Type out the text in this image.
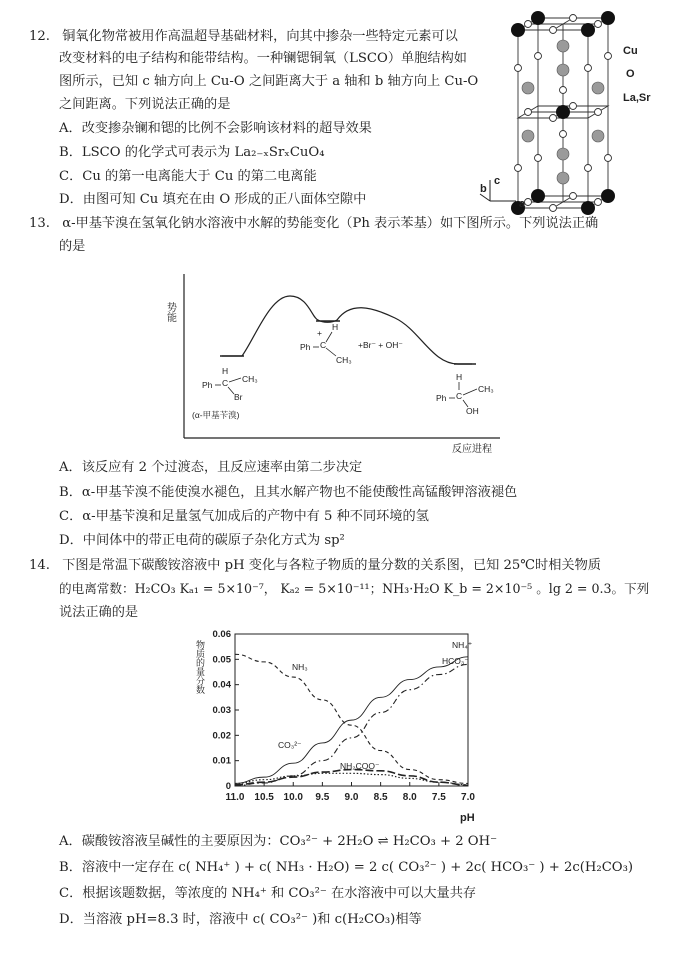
12. 铜氧化物常被用作高温超导基础材料，向其中掺杂一些特定元素可以
改变材料的电子结构和能带结构。一种镧锶铜氧（LSCO）单胞结构如
图所示，已知 c 轴方向上 Cu-O 之间距离大于 a 轴和 b 轴方向上 Cu-O
之间距离。下列说法正确的是
A．改变掺杂镧和锶的比例不会影响该材料的超导效果
B．LSCO 的化学式可表示为 La₂₋ₓSrₓCuO₄
C．Cu 的第一电离能大于 Cu 的第二电离能
D．由图可知 Cu 填充在由 O 形成的正八面体空隙中
Cu
O
La,Sr
c
b
a
13. α-甲基苄溴在氢氧化钠水溶液中水解的势能变化（Ph 表示苯基）如下图所示。下列说法正确
的是
势能
反应进程
H
C
Ph
CH₃
Br
(α-甲基苄溴)
H
+
C
Ph
CH₃
+Br⁻ + OH⁻
H
C
Ph
CH₃
OH
A．该反应有 2 个过渡态，且反应速率由第二步决定
B．α-甲基苄溴不能使溴水褪色，且其水解产物也不能使酸性高锰酸钾溶液褪色
C．α-甲基苄溴和足量氢气加成后的产物中有 5 种不同环境的氢
D．中间体中的带正电荷的碳原子杂化方式为 sp²
14. 下图是常温下碳酸铵溶液中 pH 变化与各粒子物质的量分数的关系图，已知 25℃时相关物质
的电离常数：H₂CO₃ Kₐ₁ = 5×10⁻⁷， Kₐ₂ = 5×10⁻¹¹；NH₃·H₂O K_b = 2×10⁻⁵ 。lg 2 = 0.3。下列
说法正确的是
物质的量分数
pH
0
0.01
0.02
0.03
0.04
0.05
0.06
11.0 10.5 10.0 9.5 9.0 8.5 8.0 7.5 7.0
NH₃
NH₄⁺
HCO₃⁻
CO₃²⁻
NH₂COO⁻
A．碳酸铵溶液呈碱性的主要原因为：CO₃²⁻ + 2H₂O ⇌ H₂CO₃ + 2 OH⁻
B．溶液中一定存在 c( NH₄⁺ ) + c( NH₃ · H₂O) = 2 c( CO₃²⁻ ) + 2c( HCO₃⁻ ) + 2c(H₂CO₃)
C．根据该题数据，等浓度的 NH₄⁺ 和 CO₃²⁻ 在水溶液中可以大量共存
D．当溶液 pH=8.3 时，溶液中 c( CO₃²⁻ )和 c(H₂CO₃)相等
